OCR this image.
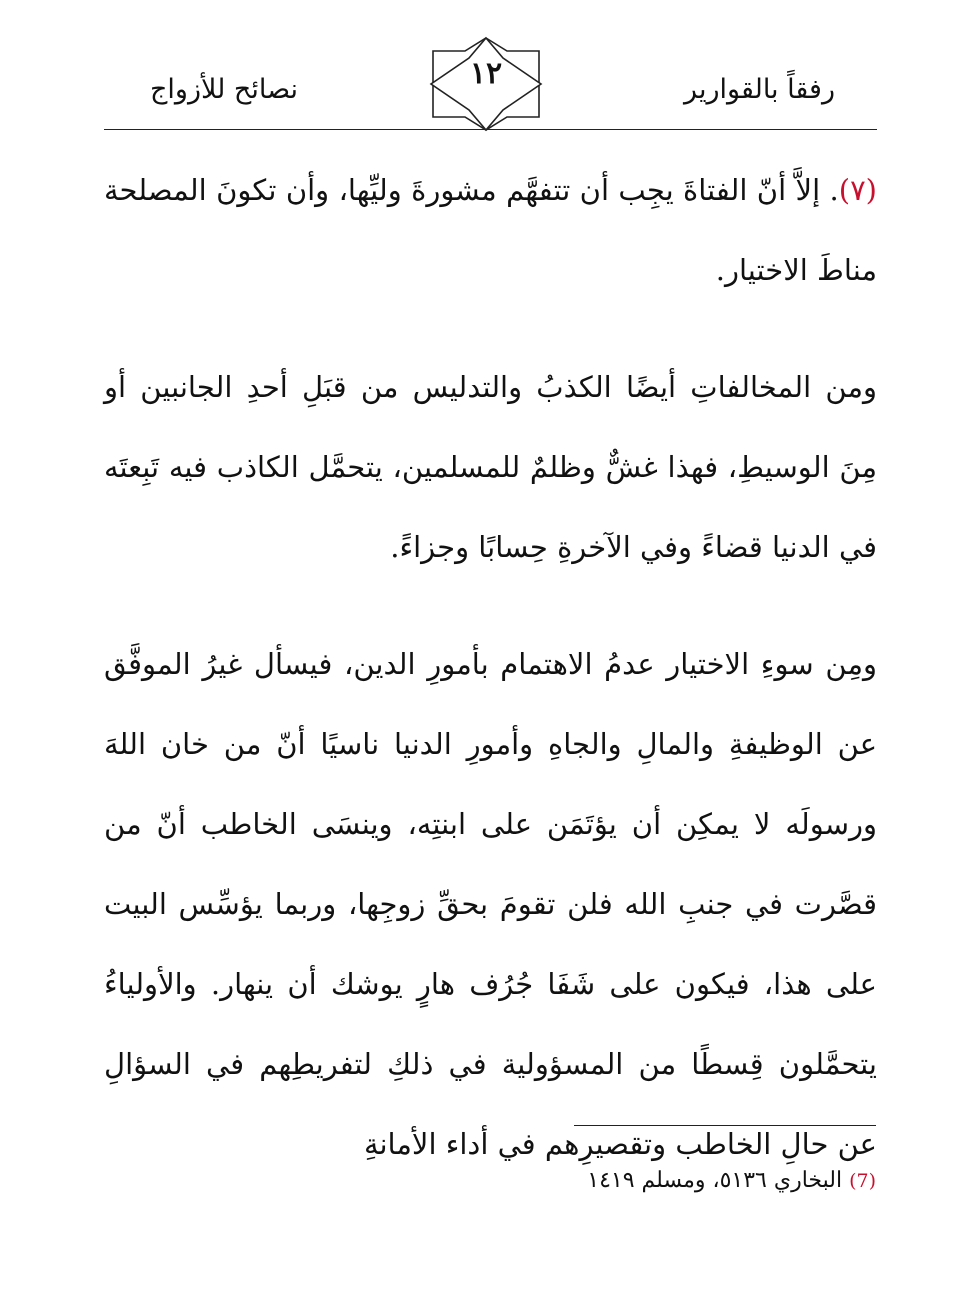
رفقاً بالقوارير
١٢
نصائح للأزواج

(٧). إلاَّ أنّ الفتاةَ يجِب أن تتفهَّم مشورةَ وليِّها، وأن تكونَ المصلحة مناطَ الاختيار.

ومن المخالفاتِ أيضًا الكذبُ والتدليس من قبَلِ أحدِ الجانبين أو مِنَ الوسيطِ، فهذا غشٌّ وظلمٌ للمسلمين، يتحمَّل الكاذب فيه تَبِعتَه في الدنيا قضاءً وفي الآخرةِ حِسابًا وجزاءً.

ومِن سوءِ الاختيار عدمُ الاهتمام بأمورِ الدين، فيسأل غيرُ الموفَّق عن الوظيفةِ والمالِ والجاهِ وأمورِ الدنيا ناسيًا أنّ من خان اللهَ ورسولَه لا يمكِن أن يؤتَمَن على ابنتِه، وينسَى الخاطب أنّ من قصَّرت في جنبِ الله فلن تقومَ بحقِّ زوجِها، وربما يؤسِّس البيت على هذا، فيكون على شَفَا جُرُف هارٍ يوشك أن ينهار. والأولياءُ يتحمَّلون قِسطًا من المسؤولية في ذلكِ لتفريطِهم في السؤالِ عن حالِ الخاطب وتقصيرِهم في أداء الأمانةِ

(7) البخاري ٥١٣٦، ومسلم ١٤١٩
